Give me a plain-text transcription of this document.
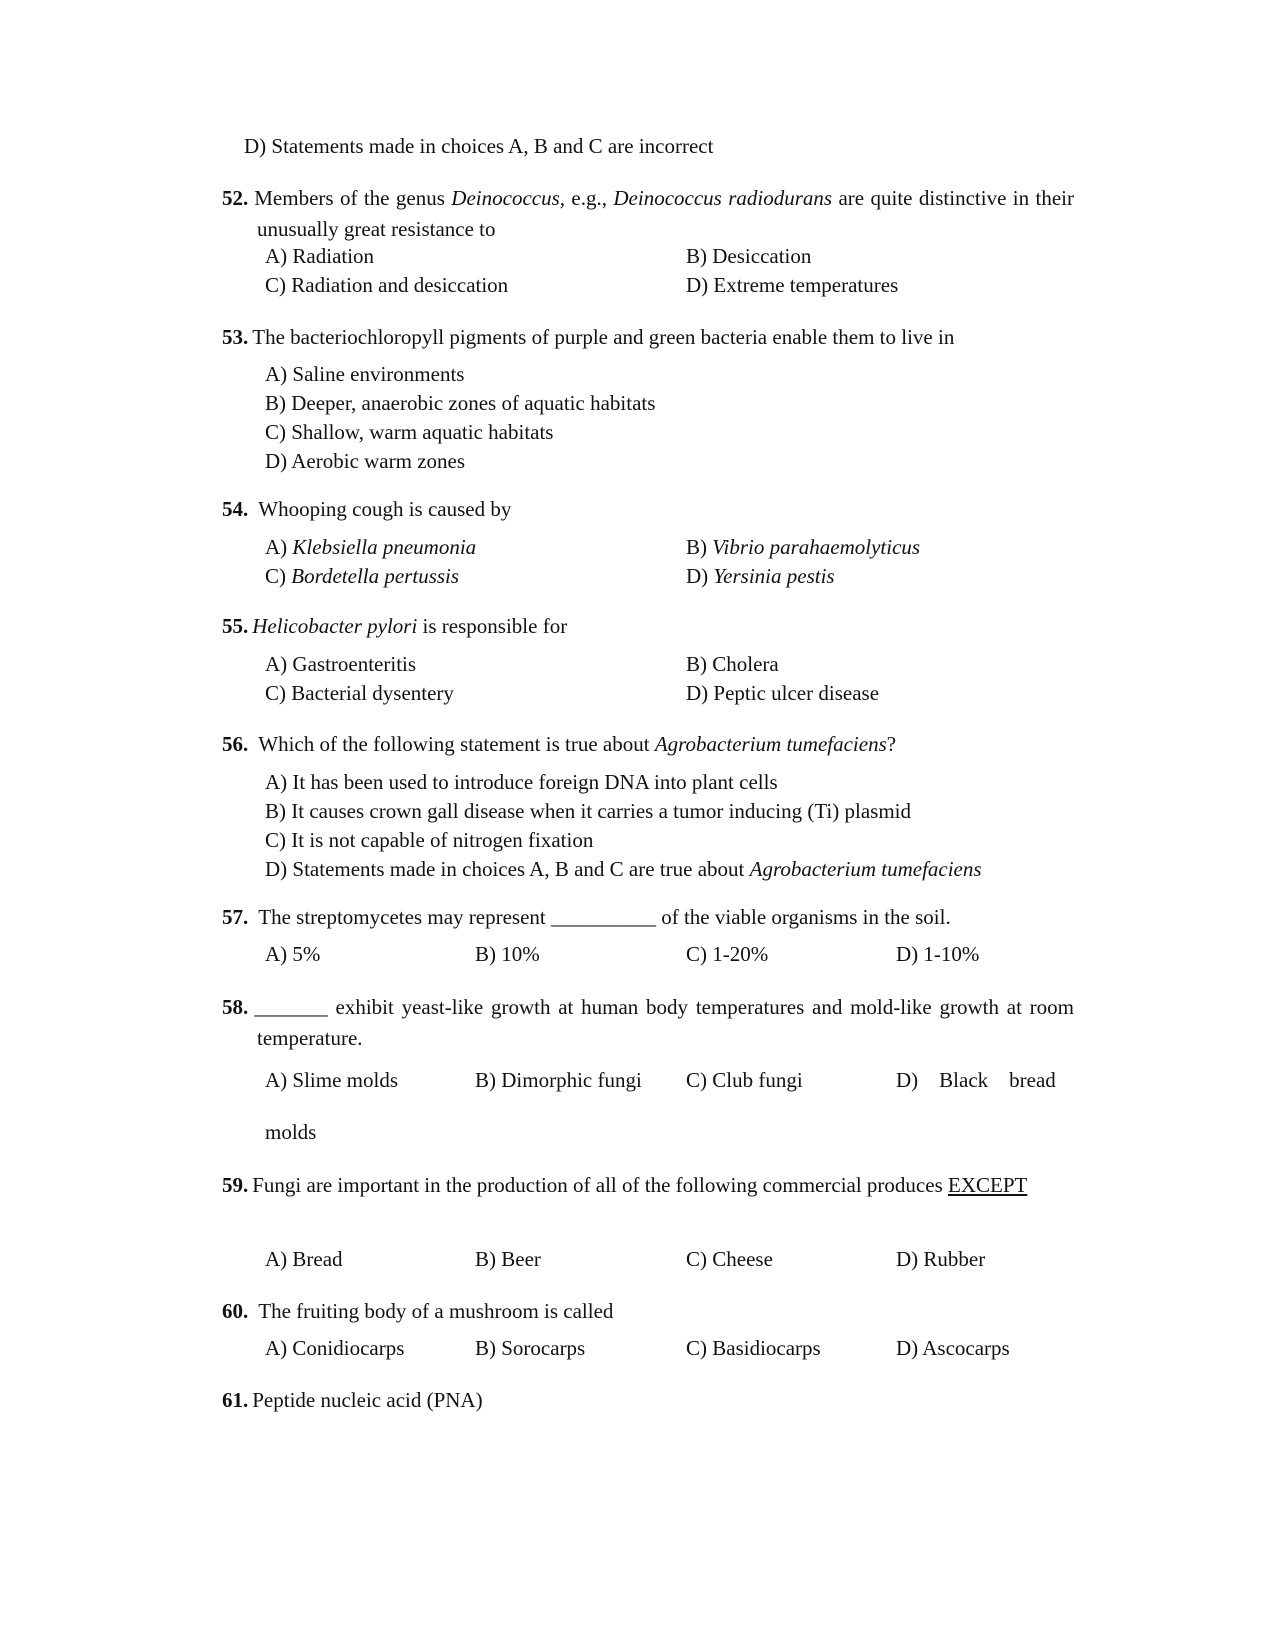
D) Statements made in choices A, B and C are incorrect
52. Members of the genus Deinococcus, e.g., Deinococcus radiodurans are quite distinctive in their unusually great resistance to
A) Radiation	B) Desiccation
C) Radiation and desiccation	D) Extreme temperatures
53. The bacteriochloropyll pigments of purple and green bacteria enable them to live in
A) Saline environments
B) Deeper, anaerobic zones of aquatic habitats
C) Shallow, warm aquatic habitats
D) Aerobic warm zones
54. Whooping cough is caused by
A) Klebsiella pneumonia	B) Vibrio parahaemolyticus
C) Bordetella pertussis	D) Yersinia pestis
55. Helicobacter pylori is responsible for
A) Gastroenteritis	B) Cholera
C) Bacterial dysentery	D) Peptic ulcer disease
56. Which of the following statement is true about Agrobacterium tumefaciens?
A) It has been used to introduce foreign DNA into plant cells
B) It causes crown gall disease when it carries a tumor inducing (Ti) plasmid
C) It is not capable of nitrogen fixation
D) Statements made in choices A, B and C are true about Agrobacterium tumefaciens
57. The streptomycetes may represent __________ of the viable organisms in the soil.
A) 5%	B) 10%	C) 1-20%	D) 1-10%
58. _______ exhibit yeast-like growth at human body temperatures and mold-like growth at room temperature.
A) Slime molds	B) Dimorphic fungi C) Club fungi	D)    Black    bread
molds
59. Fungi are important in the production of all of the following commercial produces EXCEPT
A) Bread	B) Beer	C) Cheese	D) Rubber
60. The fruiting body of a mushroom is called
A) Conidiocarps	B) Sorocarps	C) Basidiocarps	D) Ascocarps
61. Peptide nucleic acid (PNA)
